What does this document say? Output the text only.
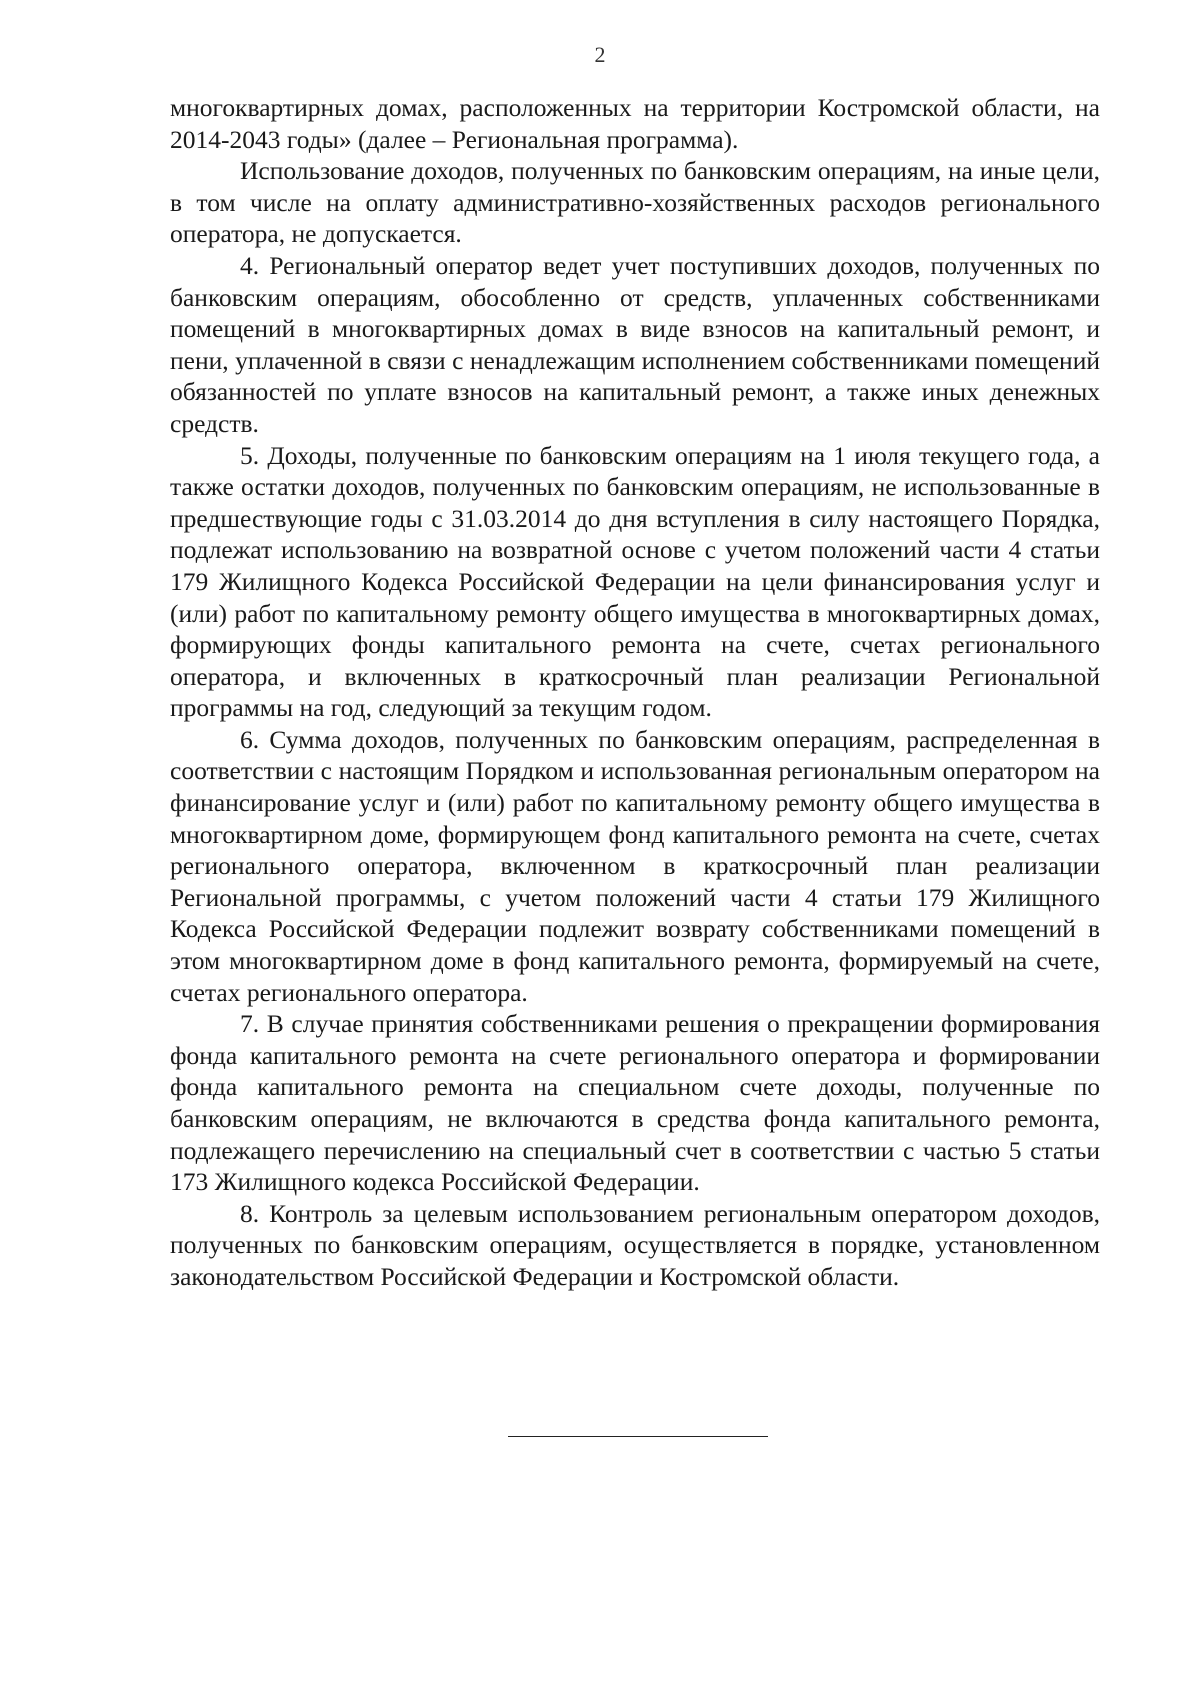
2

многоквартирных домах, расположенных на территории Костромской области, на 2014-2043 годы» (далее – Региональная программа).

Использование доходов, полученных по банковским операциям, на иные цели, в том числе на оплату административно-хозяйственных расходов регионального оператора, не допускается.

4. Региональный оператор ведет учет поступивших доходов, полученных по банковским операциям, обособленно от средств, уплаченных собственниками помещений в многоквартирных домах в виде взносов на капитальный ремонт, и пени, уплаченной в связи с ненадлежащим исполнением собственниками помещений обязанностей по уплате взносов на капитальный ремонт, а также иных денежных средств.

5. Доходы, полученные по банковским операциям на 1 июля текущего года, а также остатки доходов, полученных по банковским операциям, не использованные в предшествующие годы с 31.03.2014 до дня вступления в силу настоящего Порядка, подлежат использованию на возвратной основе с учетом положений части 4 статьи 179 Жилищного Кодекса Российской Федерации на цели финансирования услуг и (или) работ по капитальному ремонту общего имущества в многоквартирных домах, формирующих фонды капитального ремонта на счете, счетах регионального оператора, и включенных в краткосрочный план реализации Региональной программы на год, следующий за текущим годом.

6. Сумма доходов, полученных по банковским операциям, распределенная в соответствии с настоящим Порядком и использованная региональным оператором на финансирование услуг и (или) работ по капитальному ремонту общего имущества в многоквартирном доме, формирующем фонд капитального ремонта на счете, счетах регионального оператора, включенном в краткосрочный план реализации Региональной программы, с учетом положений части 4 статьи 179 Жилищного Кодекса Российской Федерации подлежит возврату собственниками помещений в этом многоквартирном доме в фонд капитального ремонта, формируемый на счете, счетах регионального оператора.

7. В случае принятия собственниками решения о прекращении формирования фонда капитального ремонта на счете регионального оператора и формировании фонда капитального ремонта на специальном счете доходы, полученные по банковским операциям, не включаются в средства фонда капитального ремонта, подлежащего перечислению на специальный счет в соответствии с частью 5 статьи 173 Жилищного кодекса Российской Федерации.

8. Контроль за целевым использованием региональным оператором доходов, полученных по банковским операциям, осуществляется в порядке, установленном законодательством Российской Федерации и Костромской области.
